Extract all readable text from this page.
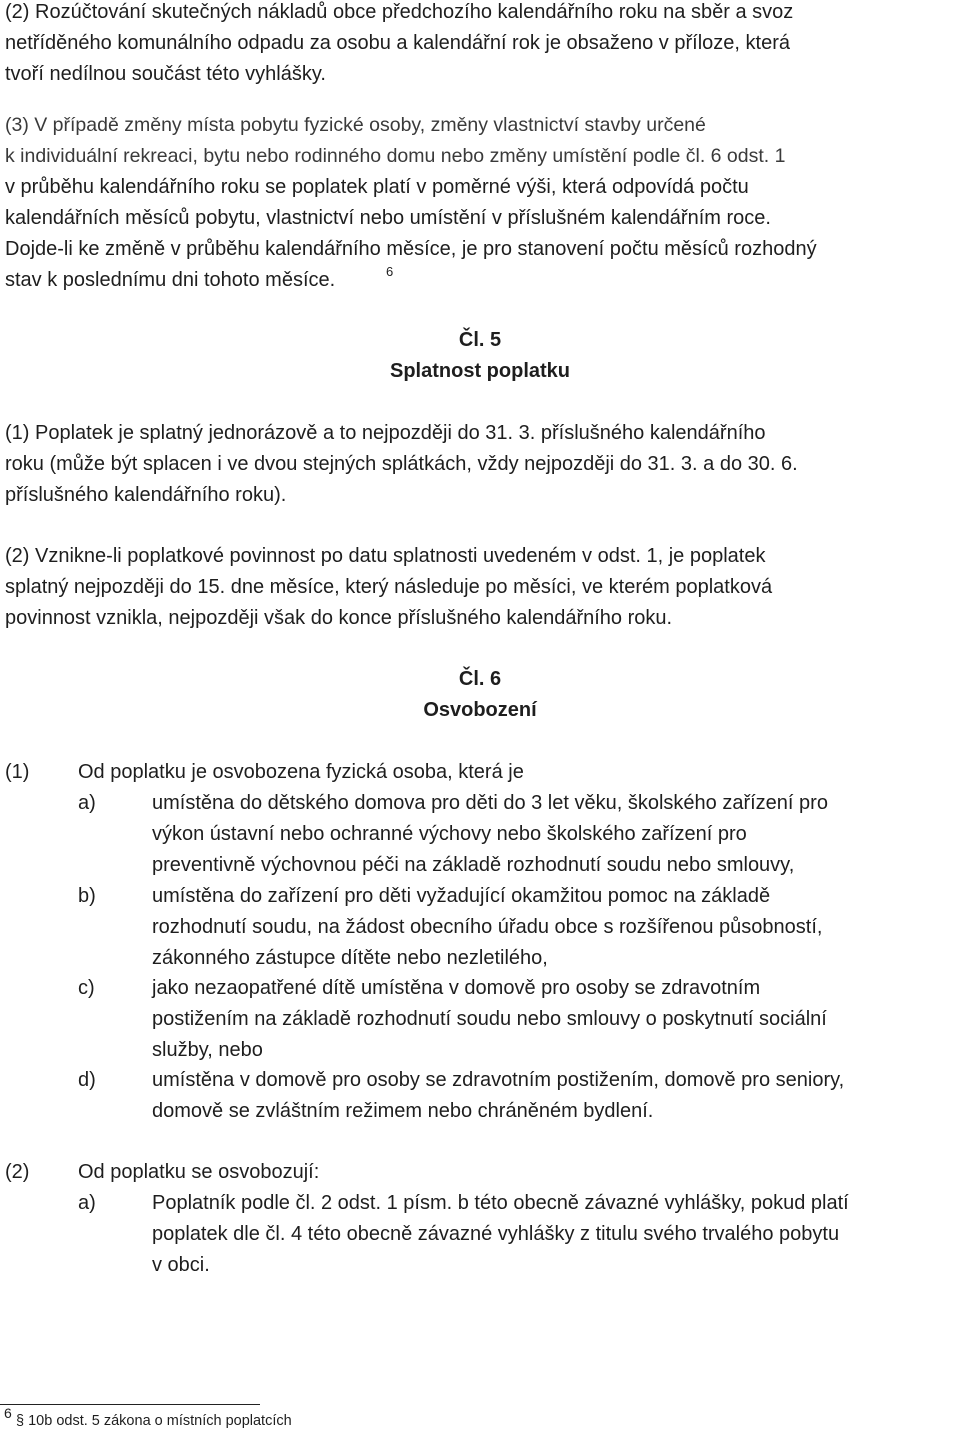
(2) Rozúčtování skutečných nákladů obce předchozího kalendářního roku na sběr a svoz
netříděného komunálního odpadu za osobu a kalendářní rok je obsaženo v příloze, která
tvoří nedílnou součást této vyhlášky.
(3) V případě změny místa pobytu fyzické osoby, změny vlastnictví stavby určené
k individuální rekreaci, bytu nebo rodinného domu nebo změny umístění podle čl. 6 odst. 1
v průběhu kalendářního roku se poplatek platí v poměrné výši, která odpovídá počtu
kalendářních měsíců pobytu, vlastnictví nebo umístění v příslušném kalendářním roce.
Dojde-li ke změně v průběhu kalendářního měsíce, je pro stanovení počtu měsíců rozhodný
stav k poslednímu dni tohoto měsíce.	6
Čl. 5
Splatnost poplatku
(1) Poplatek je splatný jednorázově a to nejpozději do 31. 3. příslušného kalendářního
roku (může být splacen i ve dvou stejných splátkách, vždy nejpozději do 31. 3. a do 30. 6.
příslušného kalendářního roku).
(2) Vznikne-li poplatkové povinnost po datu splatnosti uvedeném v odst. 1, je poplatek
splatný nejpozději do 15. dne měsíce, který následuje po měsíci, ve kterém poplatková
povinnost vznikla, nejpozději však do konce příslušného kalendářního roku.
Čl. 6
Osvobození
(1) Od poplatku je osvobozena fyzická osoba, která je
a)	umístěna do dětského domova pro děti do 3 let věku, školského zařízení pro
výkon ústavní nebo ochranné výchovy nebo školského zařízení pro
preventivně výchovnou péči na základě rozhodnutí soudu nebo smlouvy,
b)	umístěna do zařízení pro děti vyžadující okamžitou pomoc na základě
rozhodnutí soudu, na žádost obecního úřadu obce s rozšířenou působností,
zákonného zástupce dítěte nebo nezletilého,
c)	jako nezaopatřené dítě umístěna v domově pro osoby se zdravotním
postižením na základě rozhodnutí soudu nebo smlouvy o poskytnutí sociální
služby, nebo
d)	umístěna v domově pro osoby se zdravotním postižením, domově pro seniory,
domově se zvláštním režimem nebo chráněném bydlení.
(2) Od poplatku se osvobozují:
a)	Poplatník podle čl. 2 odst. 1 písm. b této obecně závazné vyhlášky, pokud platí
poplatek dle čl. 4 této obecně závazné vyhlášky z titulu svého trvalého pobytu
v obci.
6 § 10b odst. 5 zákona o místních poplatcích
